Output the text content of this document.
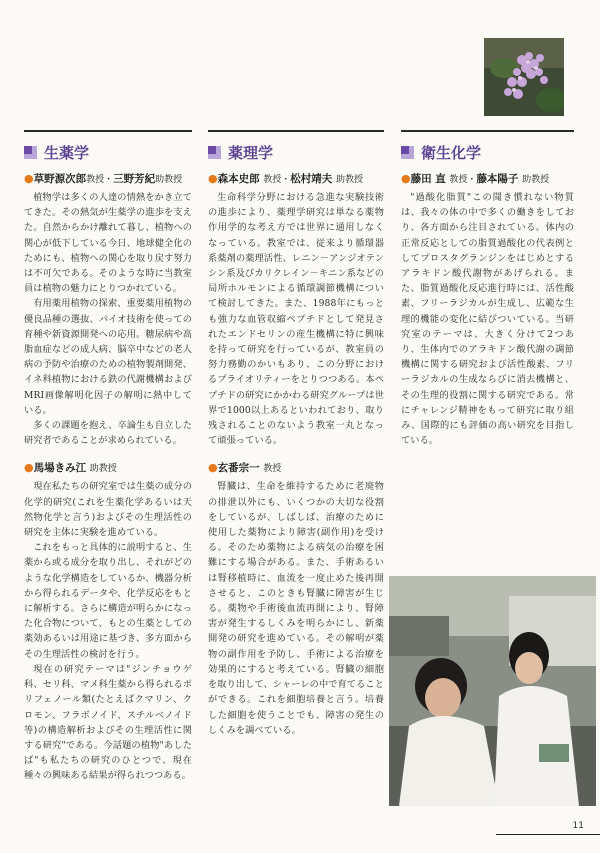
生薬学
●草野源次郎教授・三野芳紀助教授

植物学は多くの人達の情熱をかき立ててきた。その熱気が生薬学の進歩を支えた。自然からかけ離れて暮し、植物への関心が低下している今日、地球健全化のためにも、植物への関心を取り戻す努力は不可欠である。そのような時に当教室員は植物の魅力にとりつかれている。

有用薬用植物の探索、重要薬用植物の優良品種の選抜、バイオ技術を使っての育種や新資源開発への応用。糖尿病や高脂血症などの成人病、脳卒中などの老人病の予防や治療のための植物製剤開発、イネ科植物における鉄の代謝機構およびMRI画像解明化因子の解明に熱中している。

多くの課題を抱え、卒論生も自立した研究者であることが求められている。

●馬場きみ江 助教授

現在私たちの研究室では生薬の成分の化学的研究(これを生薬化学あるいは天然物化学と言う)およびその生理活性の研究を主体に実験を進めている。

これをもっと具体的に説明すると、生薬から或る成分を取り出し、それがどのような化学構造をしているか、機器分析から得られるデータや、化学反応をもとに解析する。さらに構造が明らかになった化合物について、もとの生薬としての薬効あるいは用途に基づき、多方面からその生理活性の検討を行う。

現在の研究テーマは"ジンチョウゲ科、セリ科、マメ科生薬から得られるポリフェノール類(たとえばクマリン、クロモン、フラボノイド、スチルベノイド等)の構造解析およびその生理活性に関する研究"である。今話題の植物"あしたば"も私たちの研究のひとつで、現在種々の興味ある結果が得られつつある。

薬理学
●森本史郎 教授・松村靖夫 助教授

生命科学分野における急進な実験技術の進歩により、薬理学研究は単なる薬物作用学的な考え方では世界に通用しなくなっている。教室では、従来より循環器系薬剤の薬理活性、レニン－アンジオテンシン系及びカリクレイン－キニン系などの局所ホルモンによる循環調節機構について検討してきた。また、1988年にもっとも強力な血管収縮ペプチドとして発見されたエンドセリンの産生機構に特に興味を持って研究を行っているが、教室員の努力務勤のかいもあり、この分野におけるプライオリティーをとりつつある。本ペプチドの研究にかかわる研究グループは世界で1000以上あるといわれており、取り残されることのないよう教室一丸となって頑張っている。

●玄番宗一 教授

腎臓は、生命を維持するために老廃物の排泄以外にも、いくつかの大切な役割をしているが、しばしば、治療のために使用した薬物により障害(副作用)を受ける。そのため薬物による病気の治療を困難にする場合がある。また、手術あるいは腎移植時に、血流を一度止めた後再開させると、このときも腎臓に障害が生じる。薬物や手術後血流再開により、腎障害が発生するしくみを明らかにし、新薬開発の研究を進めている。その解明が薬物の副作用を予防し、手術による治療を効果的にすると考えている。腎臓の細胞を取り出して、シャーレの中で育てることができる。これを細胞培養と言う。培養した細胞を使うことでも、障害の発生のしくみを調べている。

衛生化学
●藤田 直 教授・藤本陽子 助教授

"過酸化脂質"この聞き慣れない物質は、我々の体の中で多くの働きをしており、各方面から注目されている。体内の正常反応としての脂質過酸化の代表例としてプロスタグランジンをはじめとするアラキドン酸代謝物があげられる。また、脂質過酸化反応進行時には、活性酸素、フリーラジカルが生成し、広範な生理的機能の変化に結びついている。当研究室のテーマは、大きく分けて2つあり、生体内でのアラキドン酸代謝の調節機構に関する研究および活性酸素、フリーラジカルの生成ならびに消去機構と、その生理的役割に関する研究である。常にチャレンジ精神をもって研究に取り組み、国際的にも評価の高い研究を目指している。

11
